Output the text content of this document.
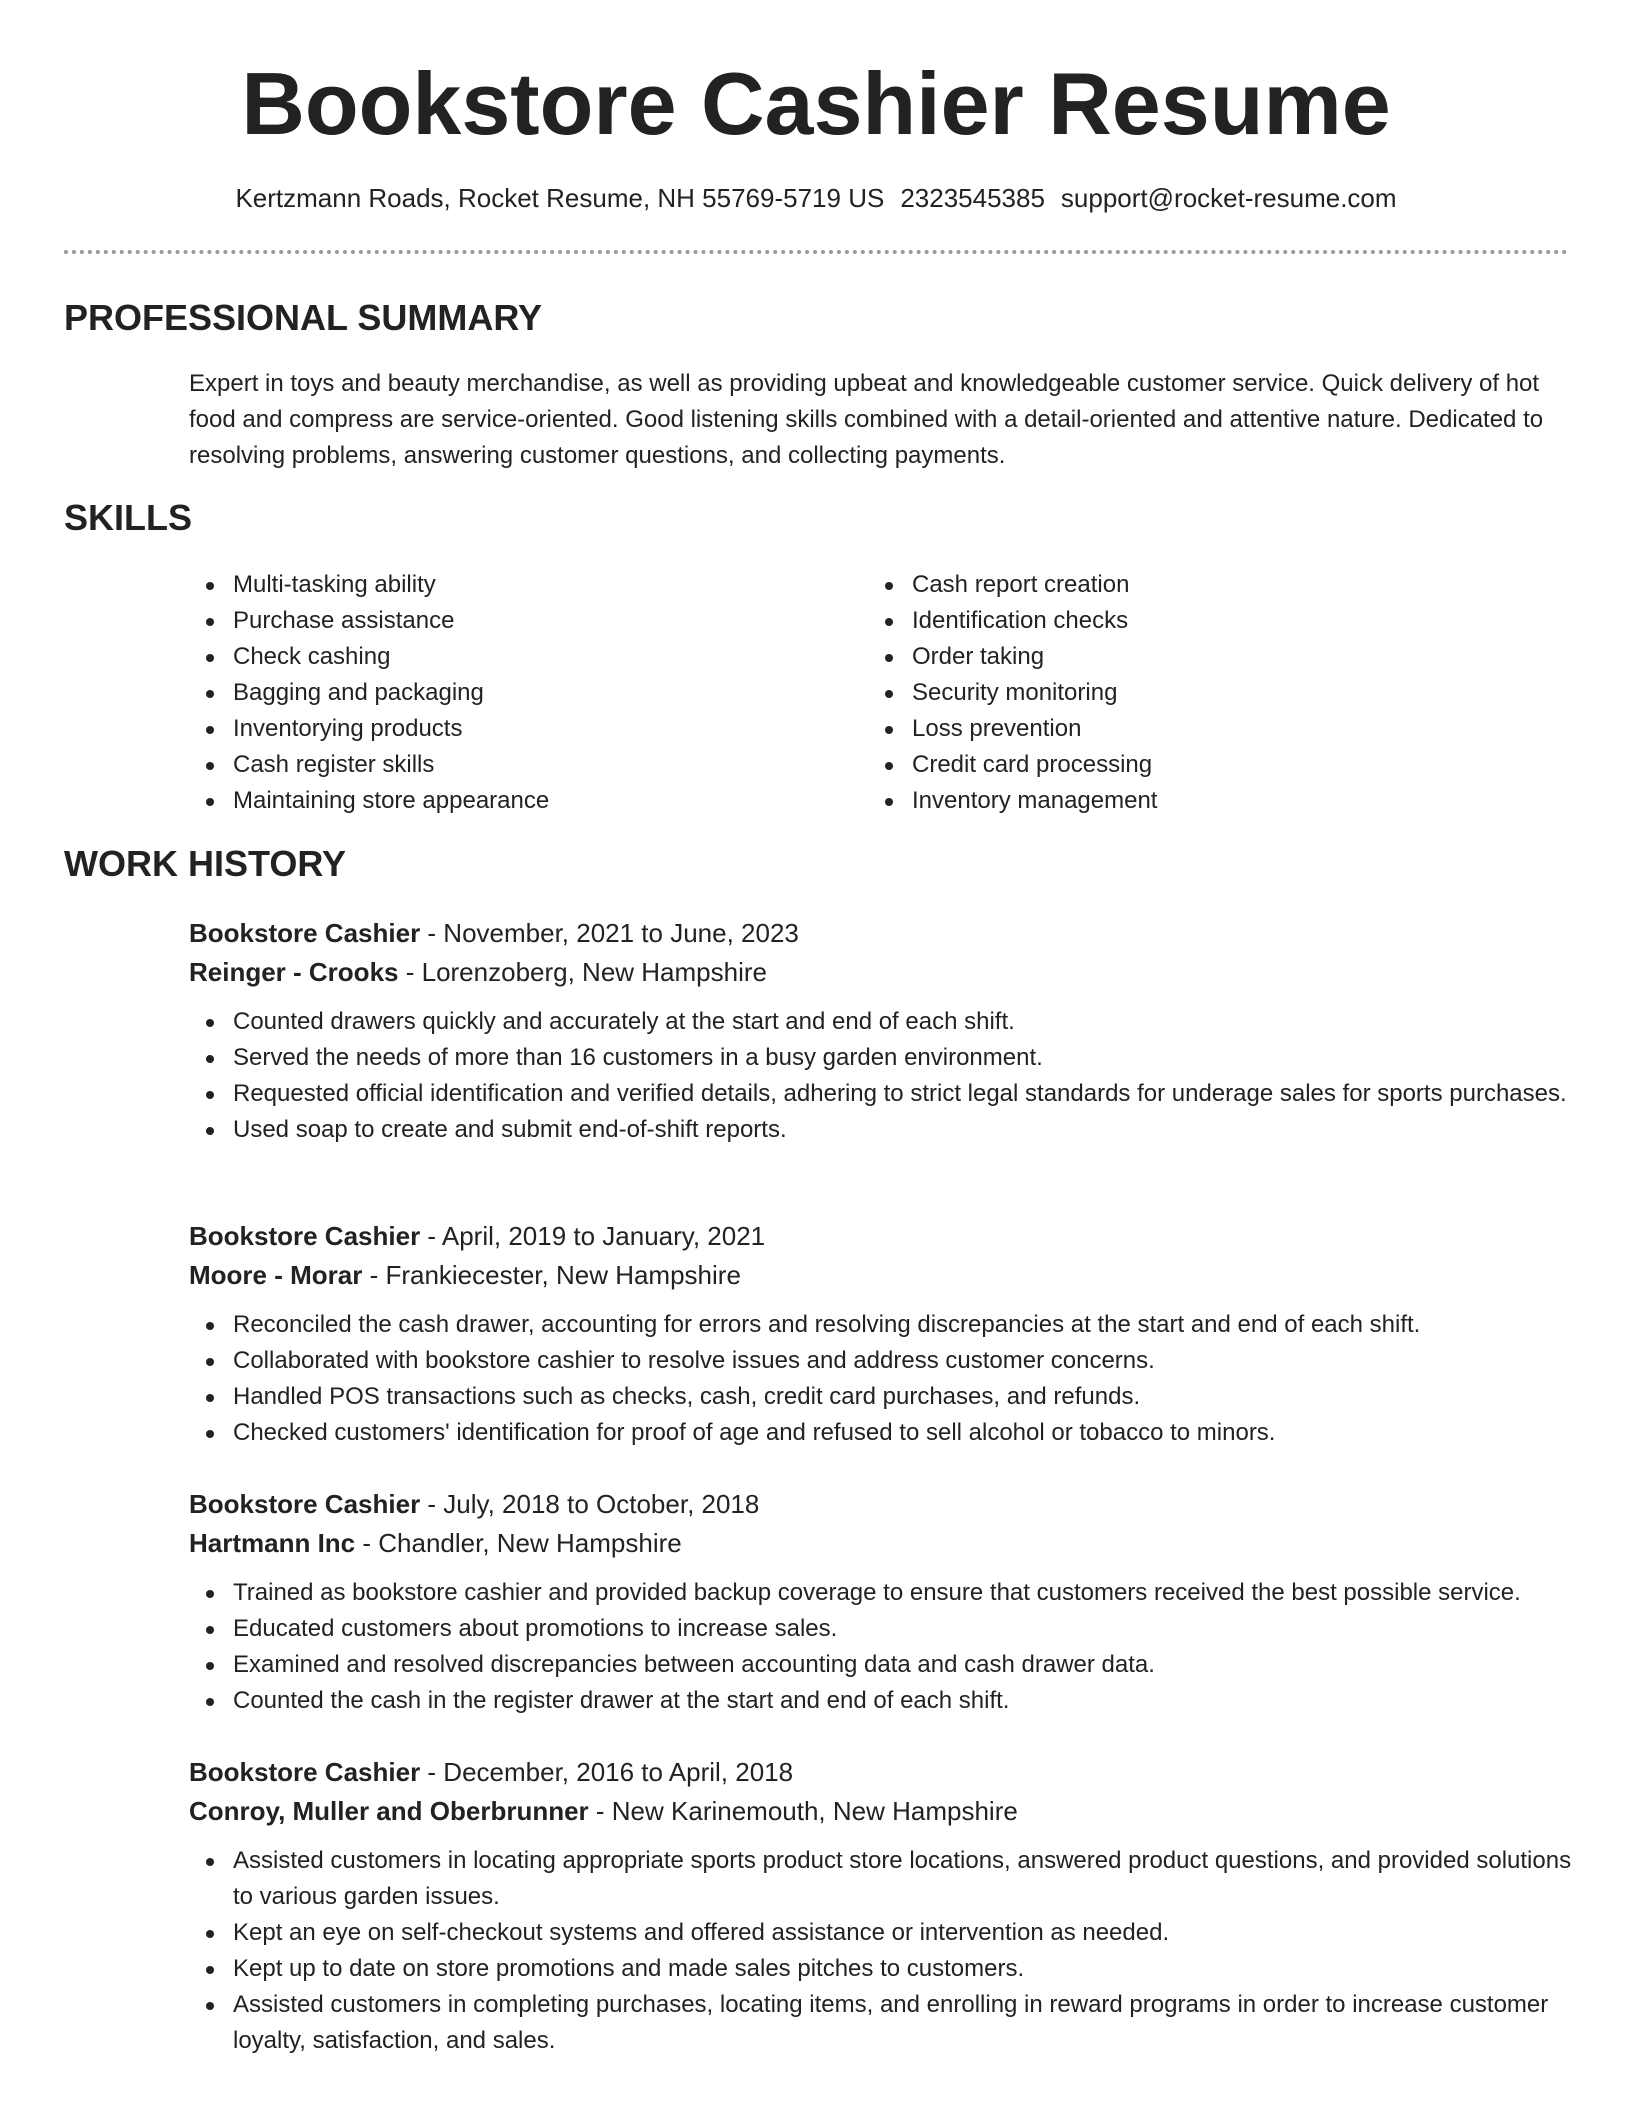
Bookstore Cashier Resume
Kertzmann Roads, Rocket Resume, NH 55769-5719 US 2323545385 support@rocket-resume.com
PROFESSIONAL SUMMARY

Expert in toys and beauty merchandise, as well as providing upbeat and knowledgeable customer service. Quick delivery of hot food and compress are service-oriented. Good listening skills combined with a detail-oriented and attentive nature. Dedicated to resolving problems, answering customer questions, and collecting payments.

SKILLS
Multi-tasking ability
Purchase assistance
Check cashing
Bagging and packaging
Inventorying products
Cash register skills
Maintaining store appearance
Cash report creation
Identification checks
Order taking
Security monitoring
Loss prevention
Credit card processing
Inventory management
WORK HISTORY
Bookstore Cashier - November, 2021 to June, 2023
Reinger - Crooks - Lorenzoberg, New Hampshire
Counted drawers quickly and accurately at the start and end of each shift.
Served the needs of more than 16 customers in a busy garden environment.
Requested official identification and verified details, adhering to strict legal standards for underage sales for sports purchases.
Used soap to create and submit end-of-shift reports.
Bookstore Cashier - April, 2019 to January, 2021
Moore - Morar - Frankiecester, New Hampshire
Reconciled the cash drawer, accounting for errors and resolving discrepancies at the start and end of each shift.
Collaborated with bookstore cashier to resolve issues and address customer concerns.
Handled POS transactions such as checks, cash, credit card purchases, and refunds.
Checked customers' identification for proof of age and refused to sell alcohol or tobacco to minors.
Bookstore Cashier - July, 2018 to October, 2018
Hartmann Inc - Chandler, New Hampshire
Trained as bookstore cashier and provided backup coverage to ensure that customers received the best possible service.
Educated customers about promotions to increase sales.
Examined and resolved discrepancies between accounting data and cash drawer data.
Counted the cash in the register drawer at the start and end of each shift.
Bookstore Cashier - December, 2016 to April, 2018
Conroy, Muller and Oberbrunner - New Karinemouth, New Hampshire
Assisted customers in locating appropriate sports product store locations, answered product questions, and provided solutions to various garden issues.
Kept an eye on self-checkout systems and offered assistance or intervention as needed.
Kept up to date on store promotions and made sales pitches to customers.
Assisted customers in completing purchases, locating items, and enrolling in reward programs in order to increase customer loyalty, satisfaction, and sales.
